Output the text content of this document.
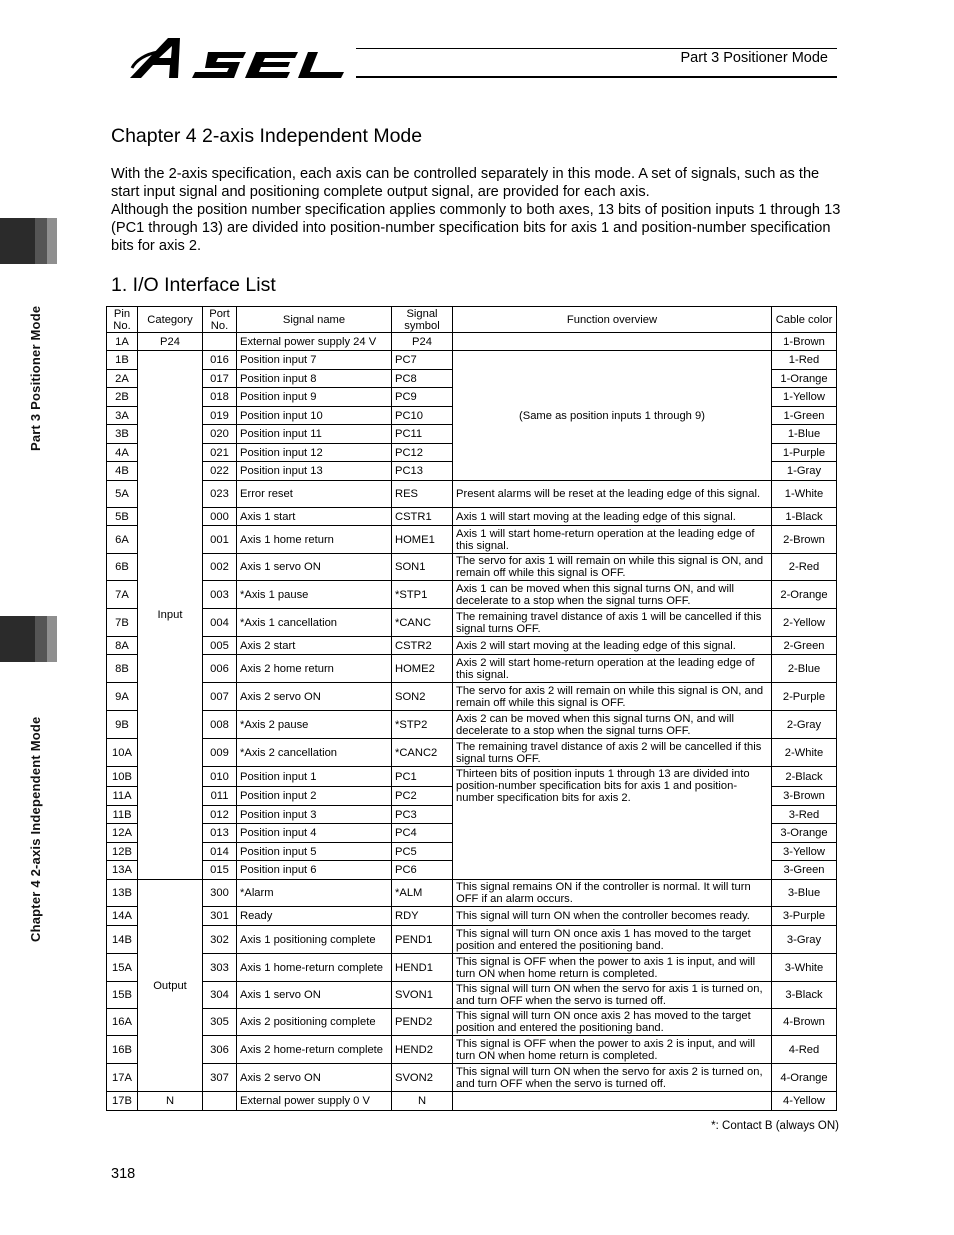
Part 3 Positioner Mode
Part 3 Positioner Mode
Chapter 4 2-axis Independent Mode
Chapter 4 2-axis Independent Mode

With the 2-axis specification, each axis can be controlled separately in this mode. A set of signals, such as the start input signal and positioning complete output signal, are provided for each axis.

Although the position number specification applies commonly to both axes, 13 bits of position inputs 1 through 13 (PC1 through 13) are divided into position-number specification bits for axis 1 and position-number specification bits for axis 2.

1. I/O Interface List
Pin No.	Category	Port No.	Signal name	Signal symbol	Function overview	Cable color
1A	P24		External power supply 24 V	P24		1-Brown
1B	Input	016	Position input 7	PC7	(Same as position inputs 1 through 9)	1-Red
2A		017	Position input 8	PC8		1-Orange
2B		018	Position input 9	PC9		1-Yellow
3A		019	Position input 10	PC10		1-Green
3B		020	Position input 11	PC11		1-Blue
4A		021	Position input 12	PC12		1-Purple
4B		022	Position input 13	PC13		1-Gray
5A		023	Error reset	RES	Present alarms will be reset at the leading edge of this signal.	1-White
5B		000	Axis 1 start	CSTR1	Axis 1 will start moving at the leading edge of this signal.	1-Black
6A		001	Axis 1 home return	HOME1	Axis 1 will start home-return operation at the leading edge of this signal.	2-Brown
6B		002	Axis 1 servo ON	SON1	The servo for axis 1 will remain on while this signal is ON, and remain off while this signal is OFF.	2-Red
7A		003	*Axis 1 pause	*STP1	Axis 1 can be moved when this signal turns ON, and will decelerate to a stop when the signal turns OFF.	2-Orange
7B		004	*Axis 1 cancellation	*CANC	The remaining travel distance of axis 1 will be cancelled if this signal turns OFF.	2-Yellow
8A		005	Axis 2 start	CSTR2	Axis 2 will start moving at the leading edge of this signal.	2-Green
8B		006	Axis 2 home return	HOME2	Axis 2 will start home-return operation at the leading edge of this signal.	2-Blue
9A		007	Axis 2 servo ON	SON2	The servo for axis 2 will remain on while this signal is ON, and remain off while this signal is OFF.	2-Purple
9B		008	*Axis 2 pause	*STP2	Axis 2 can be moved when this signal turns ON, and will decelerate to a stop when the signal turns OFF.	2-Gray
10A		009	*Axis 2 cancellation	*CANC2	The remaining travel distance of axis 2 will be cancelled if this signal turns OFF.	2-White
10B		010	Position input 1	PC1	Thirteen bits of position inputs 1 through 13 are divided into position-number specification bits for axis 1 and position-number specification bits for axis 2.	2-Black
11A		011	Position input 2	PC2		3-Brown
11B		012	Position input 3	PC3		3-Red
12A		013	Position input 4	PC4		3-Orange
12B		014	Position input 5	PC5		3-Yellow
13A		015	Position input 6	PC6		3-Green
13B	Output	300	*Alarm	*ALM	This signal remains ON if the controller is normal. It will turn OFF if an alarm occurs.	3-Blue
14A		301	Ready	RDY	This signal will turn ON when the controller becomes ready.	3-Purple
14B		302	Axis 1 positioning complete	PEND1	This signal will turn ON once axis 1 has moved to the target position and entered the positioning band.	3-Gray
15A		303	Axis 1 home-return complete	HEND1	This signal is OFF when the power to axis 1 is input, and will turn ON when home return is completed.	3-White
15B		304	Axis 1 servo ON	SVON1	This signal will turn ON when the servo for axis 1 is turned on, and turn OFF when the servo is turned off.	3-Black
16A		305	Axis 2 positioning complete	PEND2	This signal will turn ON once axis 2 has moved to the target position and entered the positioning band.	4-Brown
16B		306	Axis 2 home-return complete	HEND2	This signal is OFF when the power to axis 2 is input, and will turn ON when home return is completed.	4-Red
17A		307	Axis 2 servo ON	SVON2	This signal will turn ON when the servo for axis 2 is turned on, and turn OFF when the servo is turned off.	4-Orange
17B	N		External power supply 0 V	N		4-Yellow
*: Contact B (always ON)
318
